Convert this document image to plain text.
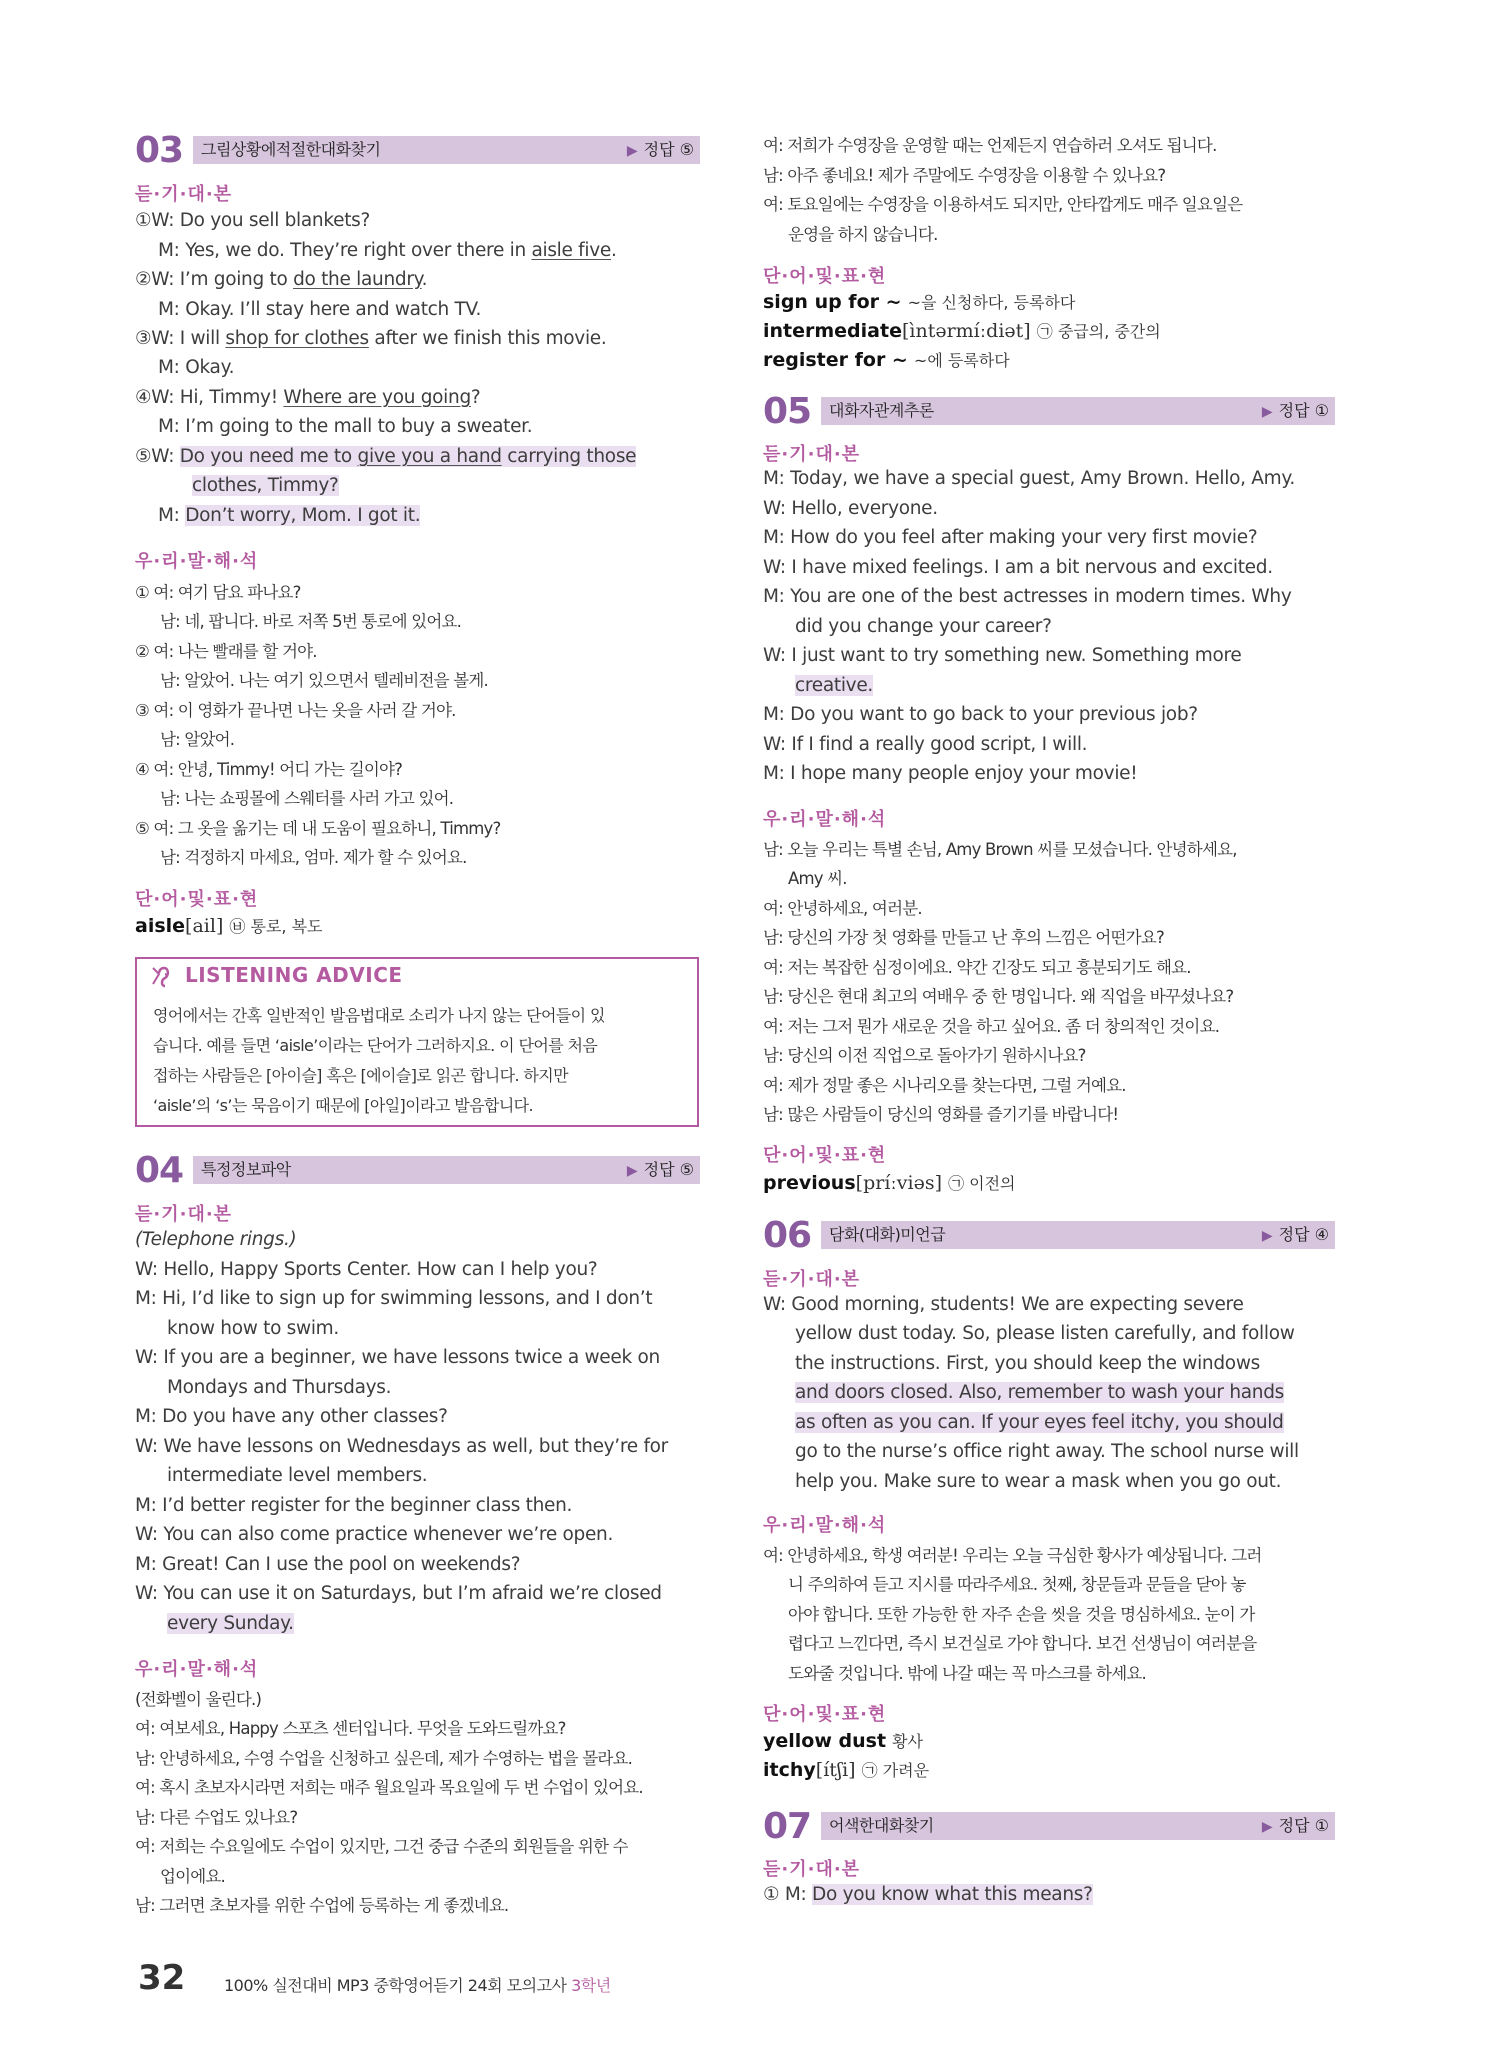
03 그림상황에적절한대화찾기	▶ 정답 ⑤
듣·기·대·본
①W: Do you sell blankets?
M: Yes, we do. They’re right over there in aisle five.
②W: I’m going to do the laundry.
M: Okay. I’ll stay here and watch TV.
③W: I will shop for clothes after we finish this movie.
M: Okay.
④W: Hi, Timmy! Where are you going?
M: I’m going to the mall to buy a sweater.
⑤W: Do you need me to give you a hand carrying those
clothes, Timmy?
M: Don’t worry, Mom. I got it.
우·리·말·해·석
① 여: 여기 담요 파나요?
남: 네, 팝니다. 바로 저쪽 5번 통로에 있어요.
② 여: 나는 빨래를 할 거야.
남: 알았어. 나는 여기 있으면서 텔레비전을 볼게.
③ 여: 이 영화가 끝나면 나는 옷을 사러 갈 거야.
남: 알았어.
④ 여: 안녕, Timmy! 어디 가는 길이야?
남: 나는 쇼핑몰에 스웨터를 사러 가고 있어.
⑤ 여: 그 옷을 옮기는 데 내 도움이 필요하니, Timmy?
남: 걱정하지 마세요, 엄마. 제가 할 수 있어요.
단·어·및·표·현
aisle[ail] ㉥ 통로, 복도
LISTENING ADVICE
영어에서는 간혹 일반적인 발음법대로 소리가 나지 않는 단어들이 있
습니다. 예를 들면 ‘aisle’이라는 단어가 그러하지요. 이 단어를 처음
접하는 사람들은 [아이슬] 혹은 [에이슬]로 읽곤 합니다. 하지만
‘aisle’의 ‘s’는 묵음이기 때문에 [아일]이라고 발음합니다.
04 특정정보파악	▶ 정답 ⑤
듣·기·대·본
(Telephone rings.)
W: Hello, Happy Sports Center. How can I help you?
M: Hi, I’d like to sign up for swimming lessons, and I don’t
know how to swim.
W: If you are a beginner, we have lessons twice a week on
Mondays and Thursdays.
M: Do you have any other classes?
W: We have lessons on Wednesdays as well, but they’re for
intermediate level members.
M: I’d better register for the beginner class then.
W: You can also come practice whenever we’re open.
M: Great! Can I use the pool on weekends?
W: You can use it on Saturdays, but I’m afraid we’re closed
every Sunday.
우·리·말·해·석
(전화벨이 울린다.)
여: 여보세요, Happy 스포츠 센터입니다. 무엇을 도와드릴까요?
남: 안녕하세요, 수영 수업을 신청하고 싶은데, 제가 수영하는 법을 몰라요.
여: 혹시 초보자시라면 저희는 매주 월요일과 목요일에 두 번 수업이 있어요.
남: 다른 수업도 있나요?
여: 저희는 수요일에도 수업이 있지만, 그건 중급 수준의 회원들을 위한 수
업이에요.
남: 그러면 초보자를 위한 수업에 등록하는 게 좋겠네요.
여: 저희가 수영장을 운영할 때는 언제든지 연습하러 오셔도 됩니다.
남: 아주 좋네요! 제가 주말에도 수영장을 이용할 수 있나요?
여: 토요일에는 수영장을 이용하셔도 되지만, 안타깝게도 매주 일요일은
운영을 하지 않습니다.
단·어·및·표·현
sign up for ~ ~을 신청하다, 등록하다
intermediate[ìntərmíːdiət] ㉠ 중급의, 중간의
register for ~ ~에 등록하다
05 대화자관계추론	▶ 정답 ①
듣·기·대·본
M: Today, we have a special guest, Amy Brown. Hello, Amy.
W: Hello, everyone.
M: How do you feel after making your very first movie?
W: I have mixed feelings. I am a bit nervous and excited.
M: You are one of the best actresses in modern times. Why
did you change your career?
W: I just want to try something new. Something more
creative.
M: Do you want to go back to your previous job?
W: If I find a really good script, I will.
M: I hope many people enjoy your movie!
우·리·말·해·석
남: 오늘 우리는 특별 손님, Amy Brown 씨를 모셨습니다. 안녕하세요,
Amy 씨.
여: 안녕하세요, 여러분.
남: 당신의 가장 첫 영화를 만들고 난 후의 느낌은 어떤가요?
여: 저는 복잡한 심정이에요. 약간 긴장도 되고 흥분되기도 해요.
남: 당신은 현대 최고의 여배우 중 한 명입니다. 왜 직업을 바꾸셨나요?
여: 저는 그저 뭔가 새로운 것을 하고 싶어요. 좀 더 창의적인 것이요.
남: 당신의 이전 직업으로 돌아가기 원하시나요?
여: 제가 정말 좋은 시나리오를 찾는다면, 그럴 거예요.
남: 많은 사람들이 당신의 영화를 즐기기를 바랍니다!
단·어·및·표·현
previous[príːviəs] ㉠ 이전의
06 담화(대화)미언급	▶ 정답 ④
듣·기·대·본
W: Good morning, students! We are expecting severe
yellow dust today. So, please listen carefully, and follow
the instructions. First, you should keep the windows
and doors closed. Also, remember to wash your hands
as often as you can. If your eyes feel itchy, you should
go to the nurse’s office right away. The school nurse will
help you. Make sure to wear a mask when you go out.
우·리·말·해·석
여: 안녕하세요, 학생 여러분! 우리는 오늘 극심한 황사가 예상됩니다. 그러
니 주의하여 듣고 지시를 따라주세요. 첫째, 창문들과 문들을 닫아 놓
아야 합니다. 또한 가능한 한 자주 손을 씻을 것을 명심하세요. 눈이 가
렵다고 느낀다면, 즉시 보건실로 가야 합니다. 보건 선생님이 여러분을
도와줄 것입니다. 밖에 나갈 때는 꼭 마스크를 하세요.
단·어·및·표·현
yellow dust 황사
itchy[ítʃi] ㉠ 가려운
07 어색한대화찾기	▶ 정답 ①
듣·기·대·본
① M: Do you know what this means?
32 100% 실전대비 MP3 중학영어듣기 24회 모의고사 3학년
